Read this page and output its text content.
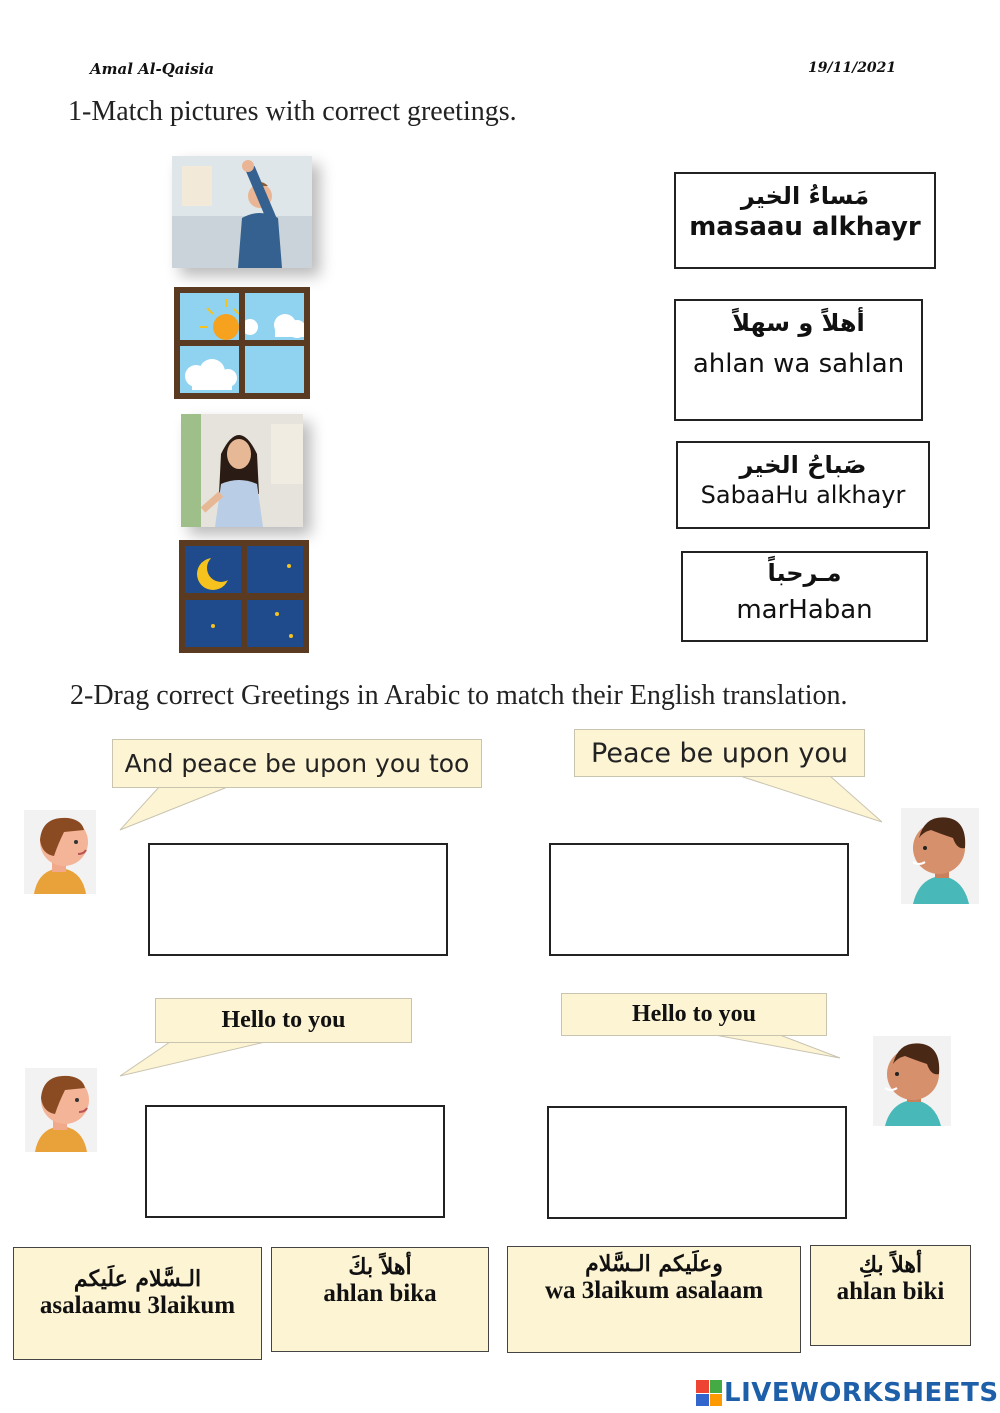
Amal Al-Qaisia	19/11/2021
1-Match pictures with correct greetings.
مَساءُ الخير
masaau alkhayr
أهلاً و سهلاً
ahlan wa sahlan
صَباحُ الخير
SabaaHu alkhayr
مـرحباً
marHaban
2-Drag correct Greetings in Arabic to match their English translation.
And peace be upon you too	Peace be upon you
Hello to you	Hello to you
الـسَّلام علَيكم
asalaamu 3laikum
أهلاً بكَ
ahlan bika
وعلَيكم الـسَّلام
wa 3laikum asalaam
أهلاً بكِ
ahlan biki
LIVEWORKSHEETS
